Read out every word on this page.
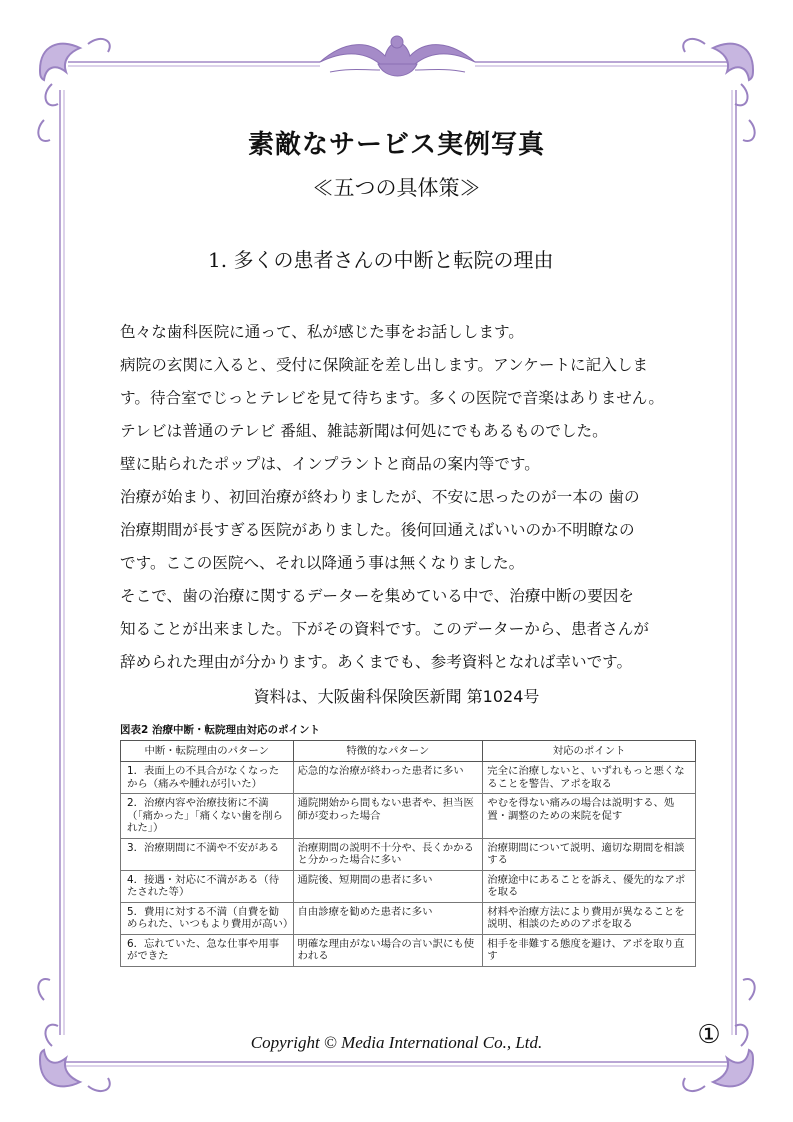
素敵なサービス実例写真
≪五つの具体策≫
1. 多くの患者さんの中断と転院の理由
色々な歯科医院に通って、私が感じた事をお話しします。
病院の玄関に入ると、受付に保険証を差し出します。アンケートに記入しま
す。待合室でじっとテレビを見て待ちます。多くの医院で音楽はありません。
テレビは普通のテレビ 番組、雑誌新聞は何処にでもあるものでした。
壁に貼られたポップは、インプラントと商品の案内等です。
治療が始まり、初回治療が終わりましたが、不安に思ったのが一本の 歯の
治療期間が長すぎる医院がありました。後何回通えばいいのか不明瞭なの
です。ここの医院へ、それ以降通う事は無くなりました。
そこで、歯の治療に関するデーターを集めている中で、治療中断の要因を
知ることが出来ました。下がその資料です。このデーターから、患者さんが
辞められた理由が分かります。あくまでも、参考資料となれば幸いです。
資料は、大阪歯科保険医新聞 第1024号
図表2 治療中断・転院理由対応のポイント
中断・転院理由のパターン	特徴的なパターン	対応のポイント
1．表面上の不具合がなくなったから（痛みや腫れが引いた）	応急的な治療が終わった患者に多い	完全に治療しないと、いずれもっと悪くなることを警告、アポを取る
2．治療内容や治療技術に不満（「痛かった」「痛くない歯を削られた」）	通院開始から間もない患者や、担当医師が変わった場合	やむを得ない痛みの場合は説明する、処置・調整のための来院を促す
3．治療期間に不満や不安がある	治療期間の説明不十分や、長くかかると分かった場合に多い	治療期間について説明、適切な期間を相談する
4．接遇・対応に不満がある（待たされた等）	通院後、短期間の患者に多い	治療途中にあることを訴え、優先的なアポを取る
5．費用に対する不満（自費を勧められた、いつもより費用が高い）	自由診療を勧めた患者に多い	材料や治療方法により費用が異なることを説明、相談のためのアポを取る
6．忘れていた、急な仕事や用事ができた	明確な理由がない場合の言い訳にも使われる	相手を非難する態度を避け、アポを取り直す
Copyright © Media International Co., Ltd.	①
